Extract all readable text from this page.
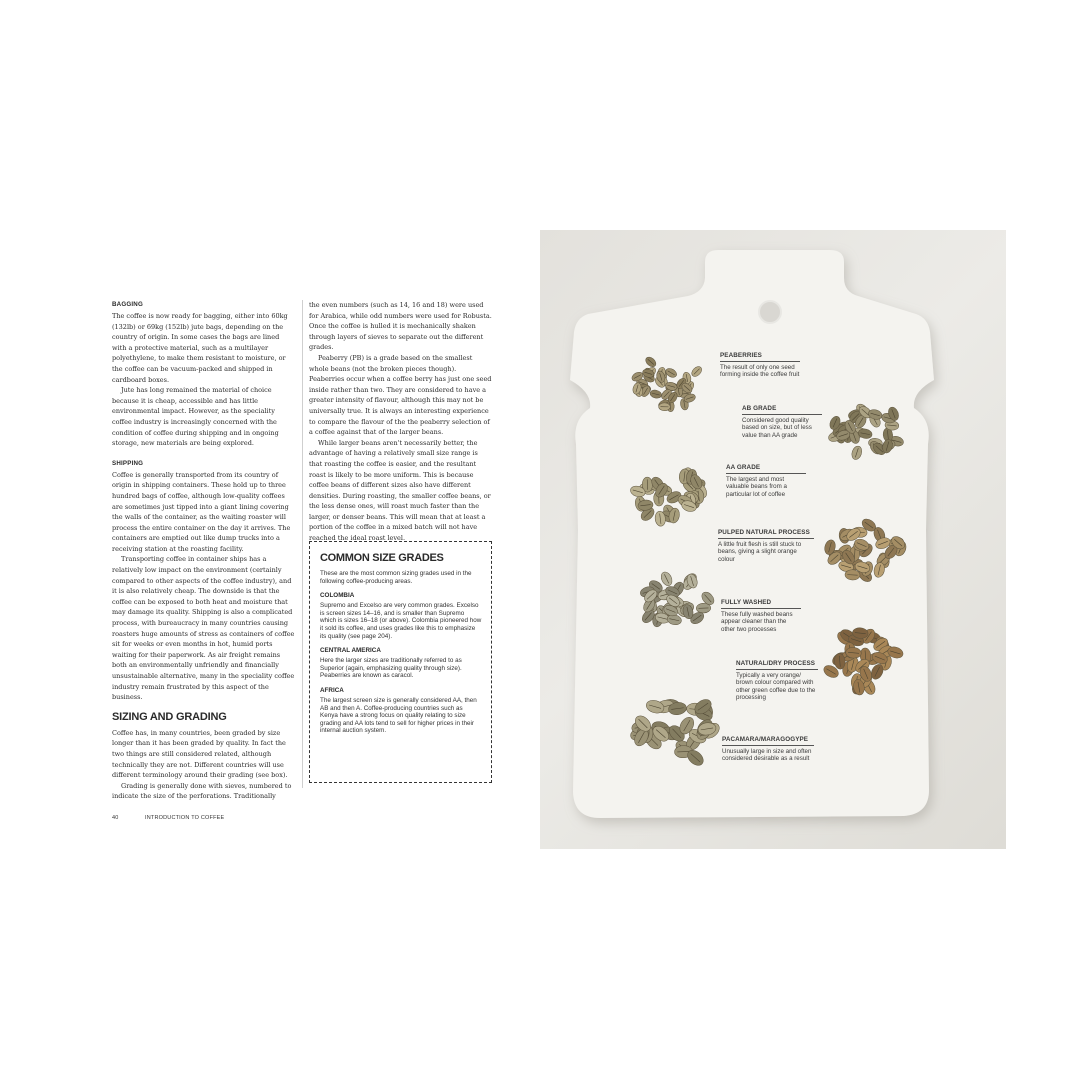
BAGGING

The coffee is now ready for bagging, either into 60kg (132lb) or 69kg (152lb) jute bags, depending on the country of origin. In some cases the bags are lined with a protective material, such as a multilayer polyethylene, to make them resistant to moisture, or the coffee can be vacuum-packed and shipped in cardboard boxes.

Jute has long remained the material of choice because it is cheap, accessible and has little environmental impact. However, as the speciality coffee industry is increasingly concerned with the condition of coffee during shipping and in ongoing storage, new materials are being explored.

SHIPPING

Coffee is generally transported from its country of origin in shipping containers. These hold up to three hundred bags of coffee, although low-quality coffees are sometimes just tipped into a giant lining covering the walls of the container, as the waiting roaster will process the entire container on the day it arrives. The containers are emptied out like dump trucks into a receiving station at the roasting facility.

Transporting coffee in container ships has a relatively low impact on the environment (certainly compared to other aspects of the coffee industry), and it is also relatively cheap. The downside is that the coffee can be exposed to both heat and moisture that may damage its quality. Shipping is also a complicated process, with bureaucracy in many countries causing roasters huge amounts of stress as containers of coffee sit for weeks or even months in hot, humid ports waiting for their paperwork. As air freight remains both an environmentally unfriendly and financially unsustainable alternative, many in the speciality coffee industry remain frustrated by this aspect of the business.

SIZING AND GRADING

Coffee has, in many countries, been graded by size longer than it has been graded by quality. In fact the two things are still considered related, although technically they are not. Different countries will use different terminology around their grading (see box).

Grading is generally done with sieves, numbered to indicate the size of the perforations. Traditionally

the even numbers (such as 14, 16 and 18) were used for Arabica, while odd numbers were used for Robusta. Once the coffee is hulled it is mechanically shaken through layers of sieves to separate out the different grades.

Peaberry (PB) is a grade based on the smallest whole beans (not the broken pieces though). Peaberries occur when a coffee berry has just one seed inside rather than two. They are considered to have a greater intensity of flavour, although this may not be universally true. It is always an interesting experience to compare the flavour of the the peaberry selection of a coffee against that of the larger beans.

While larger beans aren't necessarily better, the advantage of having a relatively small size range is that roasting the coffee is easier, and the resultant roast is likely to be more uniform. This is because coffee beans of different sizes also have different densities. During roasting, the smaller coffee beans, or the less dense ones, will roast much faster than the larger, or denser beans. This will mean that at least a portion of the coffee in a mixed batch will not have reached the ideal roast level.

COMMON SIZE GRADES
These are the most common sizing grades used in the following coffee-producing areas.
COLOMBIA
Supremo and Excelso are very common grades. Excelso is screen sizes 14–16, and is smaller than Supremo which is sizes 16–18 (or above). Colombia pioneered how it sold its coffee, and uses grades like this to emphasize its quality (see page 204).
CENTRAL AMERICA
Here the larger sizes are traditionally referred to as Superior (again, emphasizing quality through size). Peaberries are known as caracol.
AFRICA
The largest screen size is generally considered AA, then AB and then A. Coffee-producing countries such as Kenya have a strong focus on quality relating to size grading and AA lots tend to sell for higher prices in their internal auction system.
40	INTRODUCTION TO COFFEE
PEABERRIES
The result of only one seed forming inside the coffee fruit
AB GRADE
Considered good quality based on size, but of less value than AA grade
AA GRADE
The largest and most valuable beans from a particular lot of coffee
PULPED NATURAL PROCESS
A little fruit flesh is still stuck to beans, giving a slight orange colour
FULLY WASHED
These fully washed beans appear cleaner than the other two processes
NATURAL/DRY PROCESS
Typically a very orange/ brown colour compared with other green coffee due to the processing
PACAMARA/MARAGOGYPE
Unusually large in size and often considered desirable as a result
